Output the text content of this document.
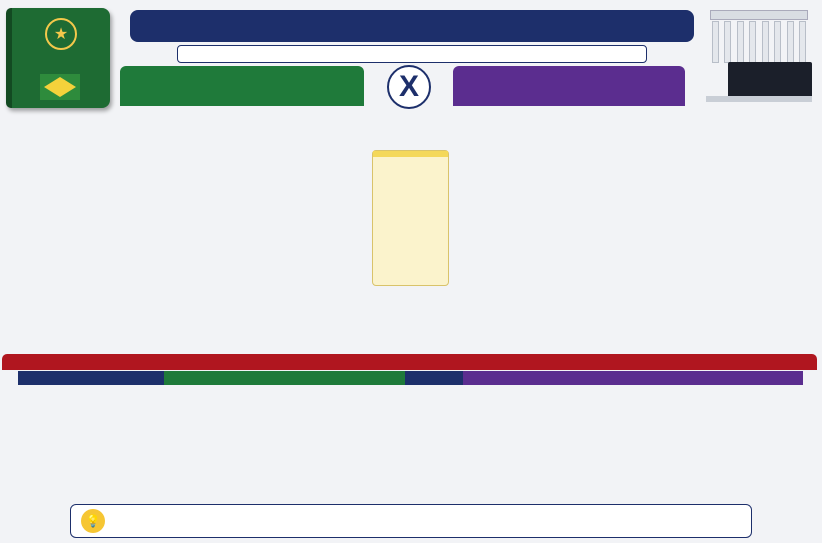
★
X
💡
